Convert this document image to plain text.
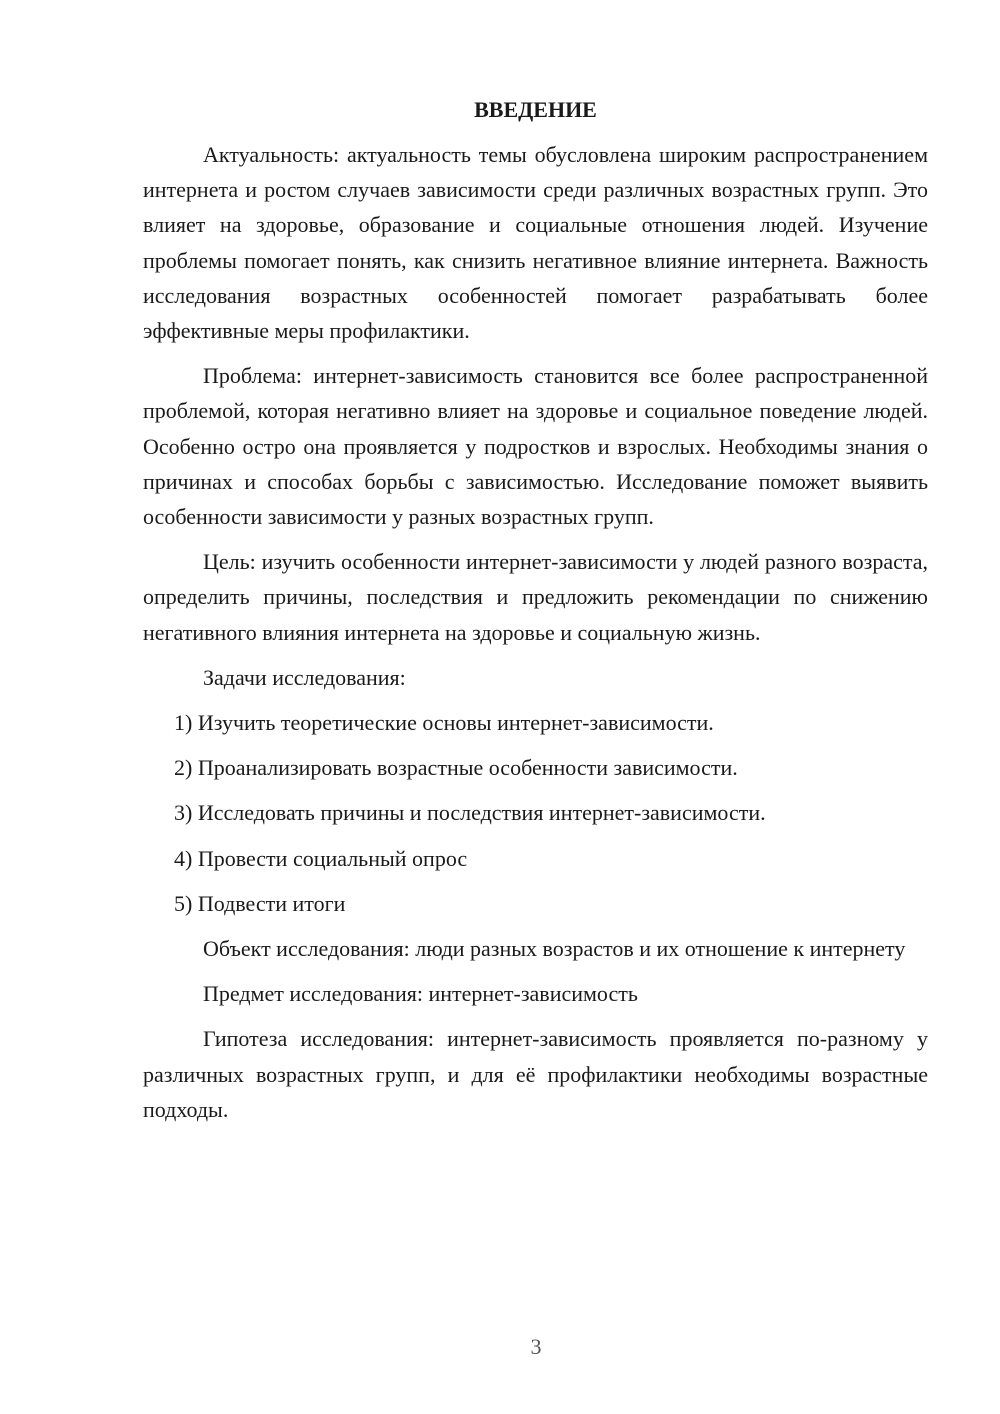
ВВЕДЕНИЕ

Актуальность: актуальность темы обусловлена широким распространением интернета и ростом случаев зависимости среди различных возрастных групп. Это влияет на здоровье, образование и социальные отношения людей. Изучение проблемы помогает понять, как снизить негативное влияние интернета. Важность исследования возрастных особенностей помогает разрабатывать более эффективные меры профилактики.

Проблема: интернет-зависимость становится все более распространенной проблемой, которая негативно влияет на здоровье и социальное поведение людей. Особенно остро она проявляется у подростков и взрослых. Необходимы знания о причинах и способах борьбы с зависимостью. Исследование поможет выявить особенности зависимости у разных возрастных групп.

Цель: изучить особенности интернет-зависимости у людей разного возраста, определить причины, последствия и предложить рекомендации по снижению негативного влияния интернета на здоровье и социальную жизнь.

Задачи исследования:

1) Изучить теоретические основы интернет-зависимости.
2) Проанализировать возрастные особенности зависимости.
3) Исследовать причины и последствия интернет-зависимости.
4) Провести социальный опрос
5) Подвести итоги

Объект исследования: люди разных возрастов и их отношение к интернету

Предмет исследования: интернет-зависимость

Гипотеза исследования: интернет-зависимость проявляется по-разному у различных возрастных групп, и для её профилактики необходимы возрастные подходы.

3
